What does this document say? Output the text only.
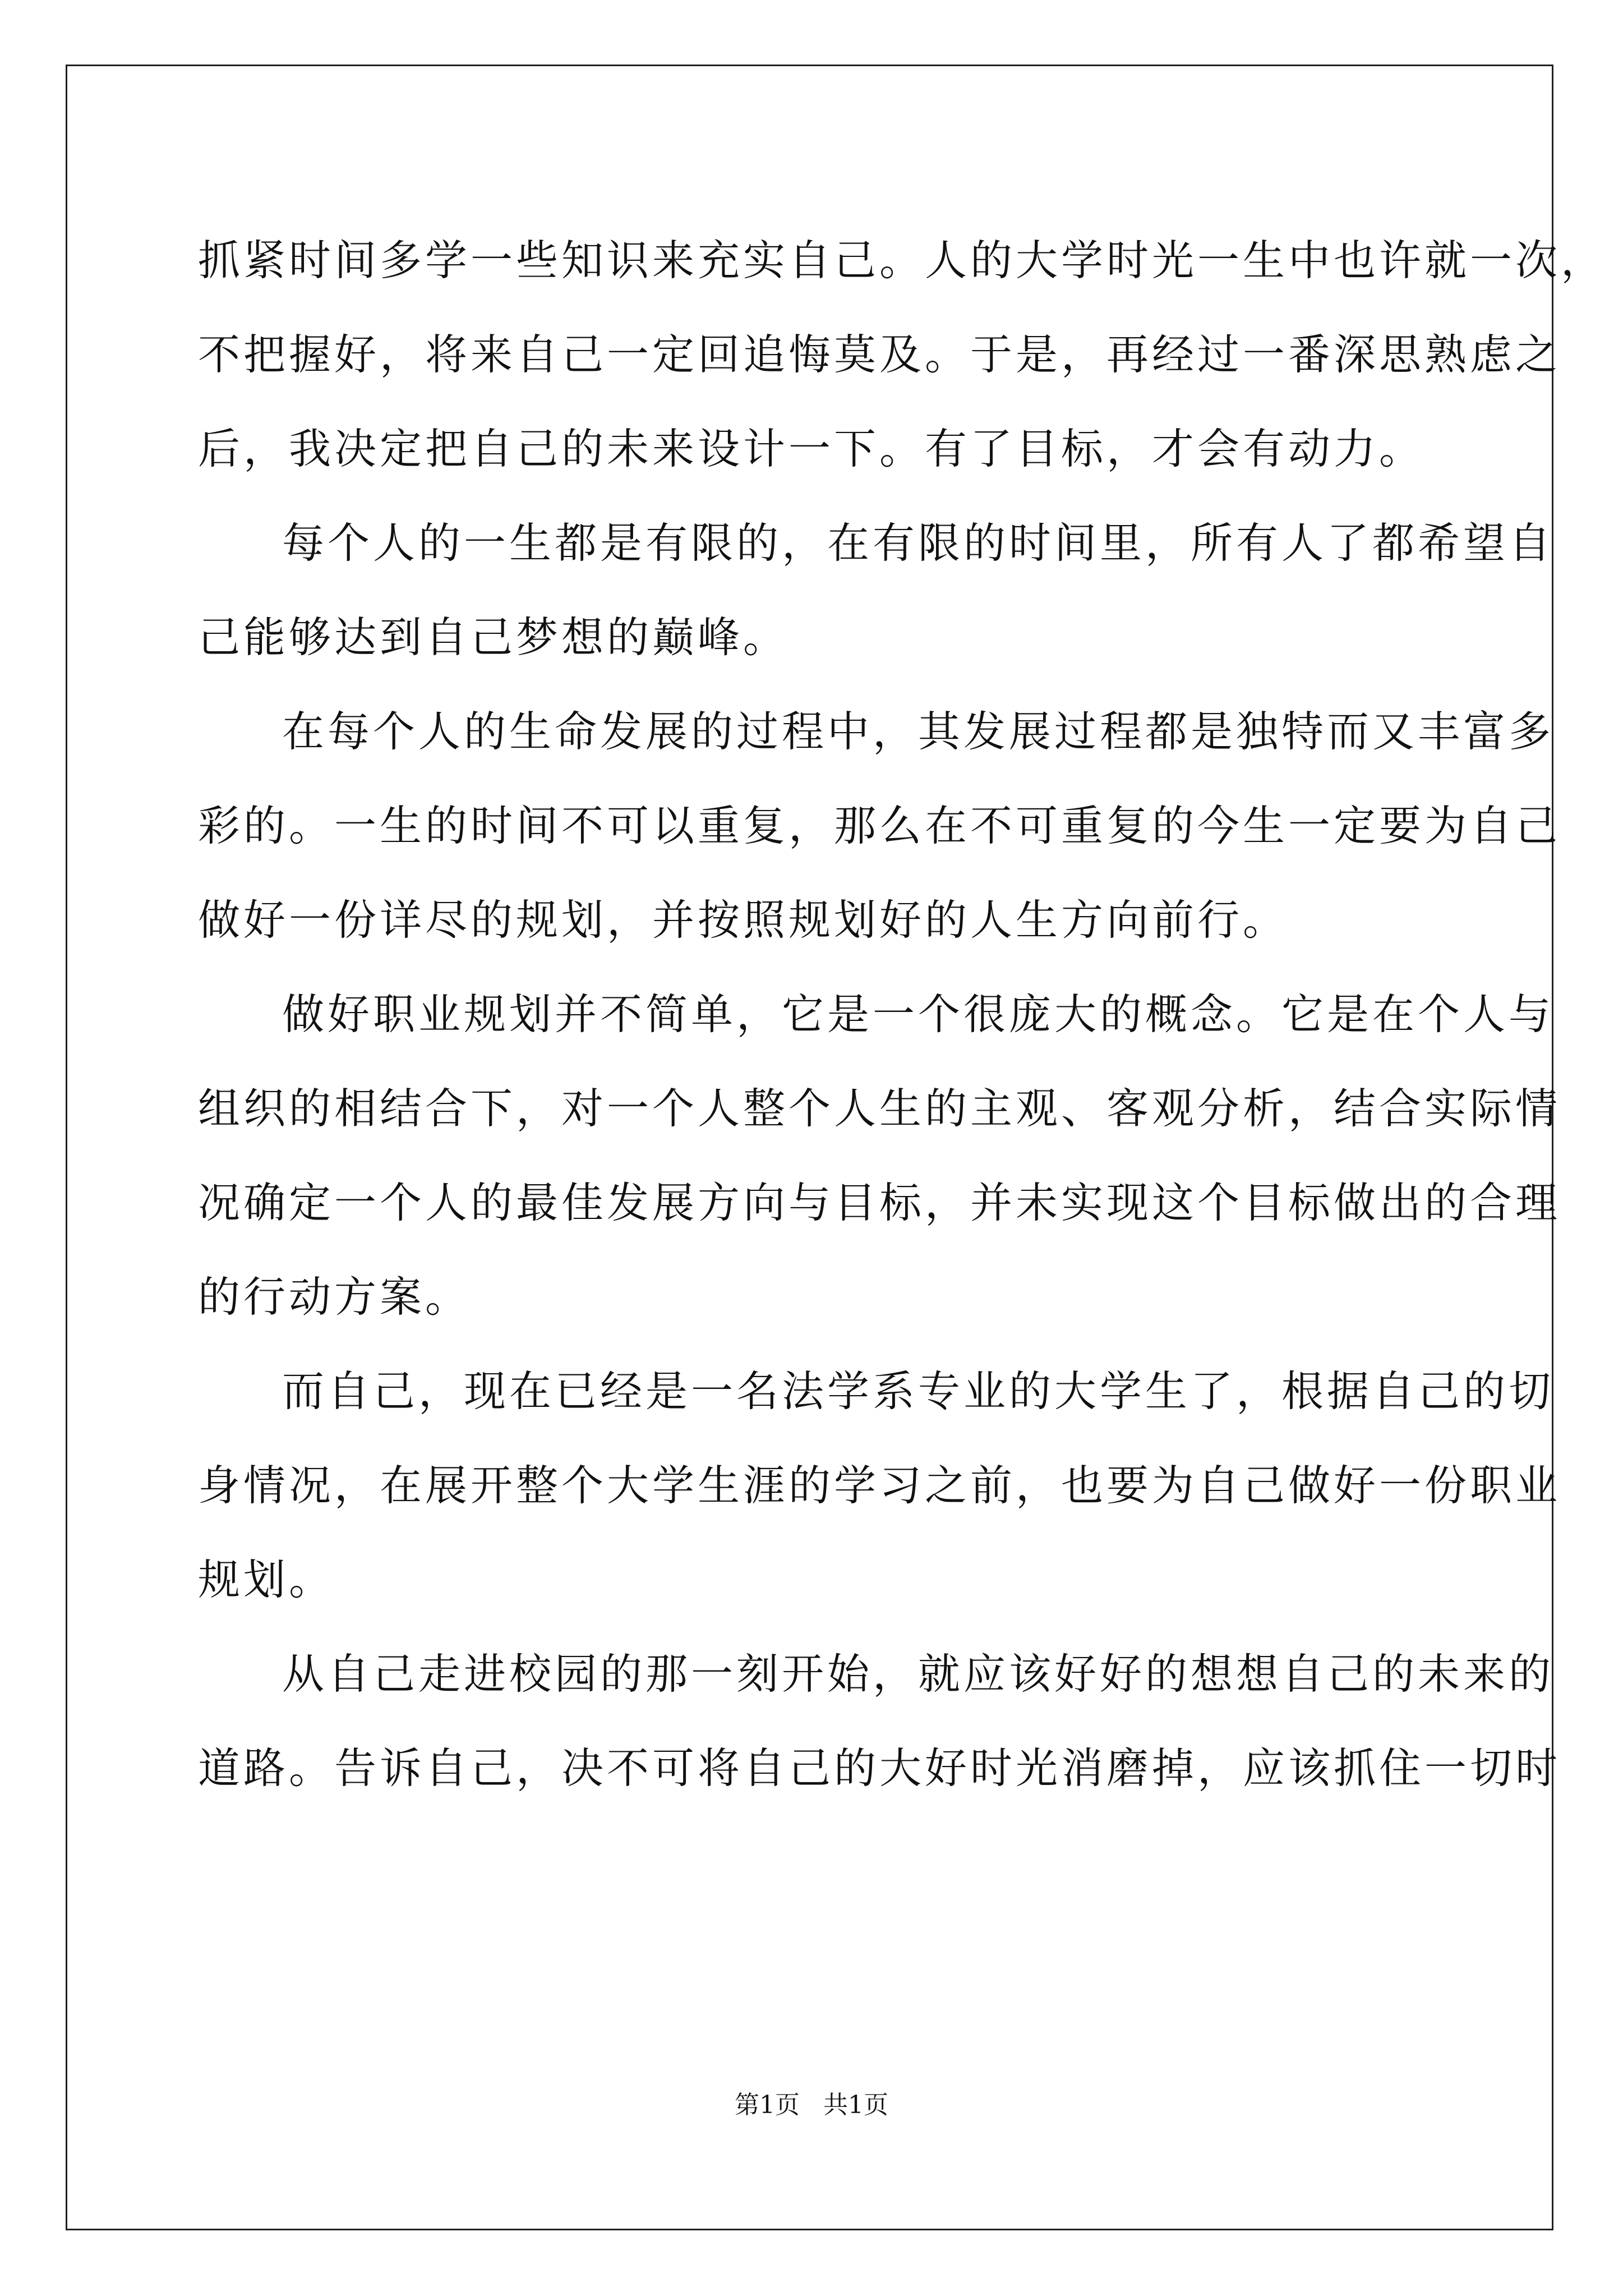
抓紧时间多学一些知识来充实自己。人的大学时光一生中也许就一次，
不把握好，将来自己一定回追悔莫及。于是，再经过一番深思熟虑之
后，我决定把自己的未来设计一下。有了目标，才会有动力。
每个人的一生都是有限的，在有限的时间里，所有人了都希望自
己能够达到自己梦想的巅峰。
在每个人的生命发展的过程中，其发展过程都是独特而又丰富多
彩的。一生的时间不可以重复，那么在不可重复的今生一定要为自己
做好一份详尽的规划，并按照规划好的人生方向前行。
做好职业规划并不简单，它是一个很庞大的概念。它是在个人与
组织的相结合下，对一个人整个人生的主观、客观分析，结合实际情
况确定一个人的最佳发展方向与目标，并未实现这个目标做出的合理
的行动方案。
而自己，现在已经是一名法学系专业的大学生了，根据自己的切
身情况，在展开整个大学生涯的学习之前，也要为自己做好一份职业
规划。
从自己走进校园的那一刻开始，就应该好好的想想自己的未来的
道路。告诉自己，决不可将自己的大好时光消磨掉，应该抓住一切时
第1页 共1页
